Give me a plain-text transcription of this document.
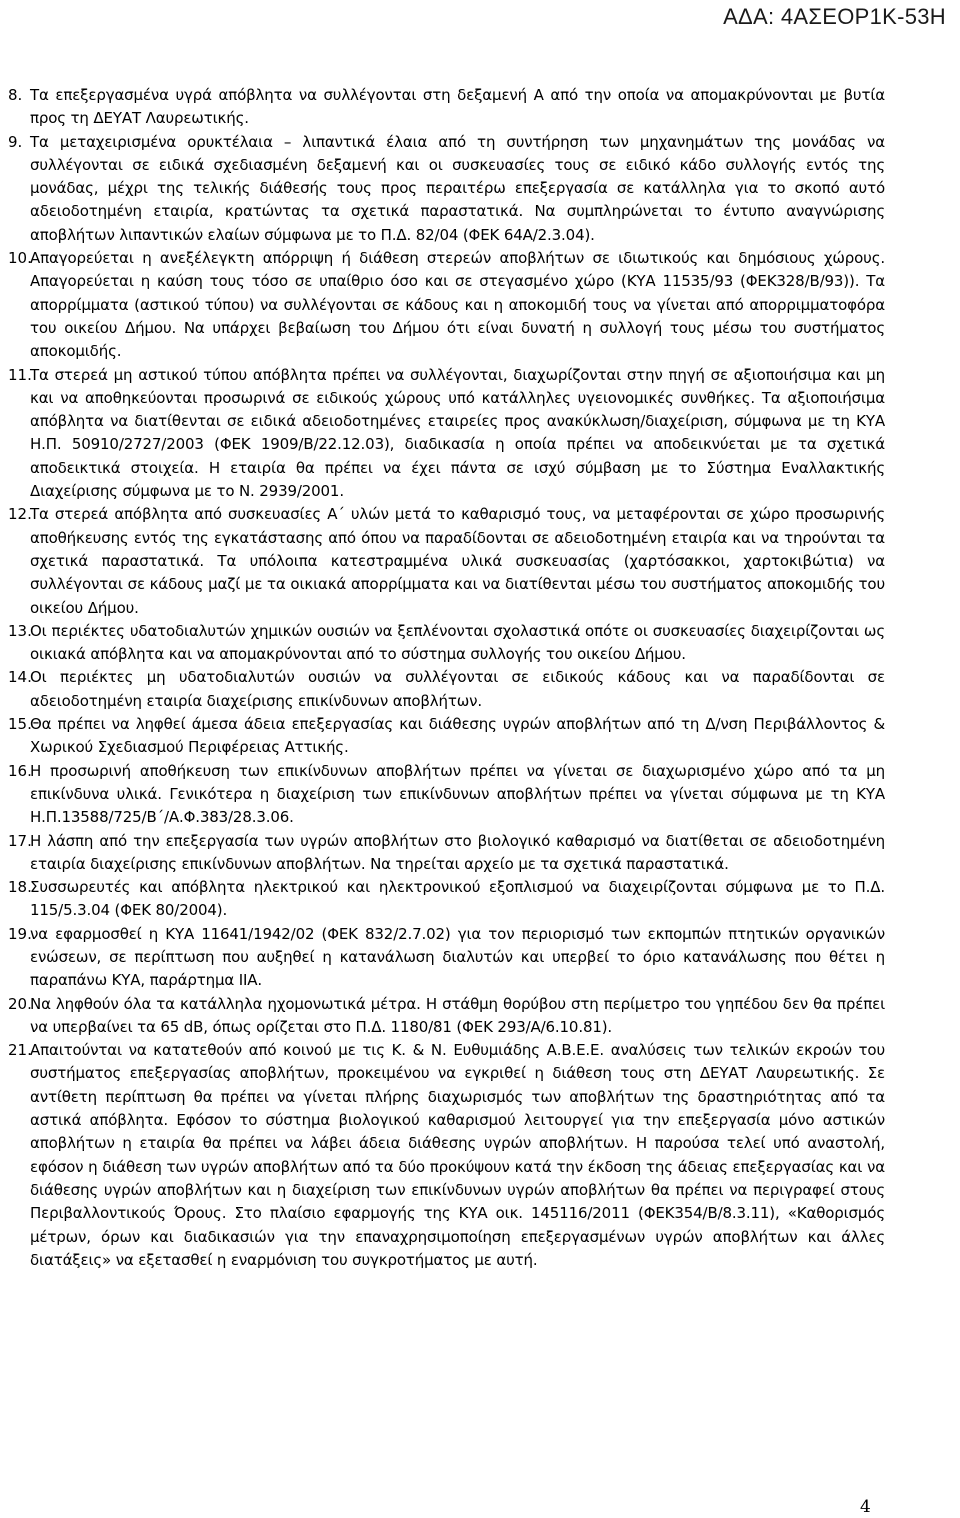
ΑΔΑ: 4ΑΣΕΟΡ1Κ-53Η
8. Τα επεξεργασμένα υγρά απόβλητα να συλλέγονται στη δεξαμενή Α από την οποία να απομακρύνονται με βυτία προς τη ΔΕΥΑΤ Λαυρεωτικής.
9. Τα μεταχειρισμένα ορυκτέλαια – λιπαντικά έλαια από τη συντήρηση των μηχανημάτων της μονάδας να συλλέγονται σε ειδικά σχεδιασμένη δεξαμενή και οι συσκευασίες τους σε ειδικό κάδο συλλογής εντός της μονάδας, μέχρι της τελικής διάθεσής τους προς περαιτέρω επεξεργασία σε κατάλληλα για το σκοπό αυτό αδειοδοτημένη εταιρία, κρατώντας τα σχετικά παραστατικά. Να συμπληρώνεται το έντυπο αναγνώρισης αποβλήτων λιπαντικών ελαίων σύμφωνα με το Π.Δ. 82/04 (ΦΕΚ 64Α/2.3.04).
10.
Απαγορεύεται η ανεξέλεγκτη απόρριψη ή διάθεση στερεών αποβλήτων σε ιδιωτικούς και δημόσιους χώρους. Απαγορεύεται η καύση τους τόσο σε υπαίθριο όσο και σε στεγασμένο χώρο (ΚΥΑ 11535/93 (ΦΕΚ328/Β/93)). Τα απορρίμματα (αστικού τύπου) να συλλέγονται σε κάδους και η αποκομιδή τους να γίνεται από απορριμματοφόρα του οικείου Δήμου. Να υπάρχει βεβαίωση του Δήμου ότι είναι δυνατή η συλλογή τους μέσω του συστήματος αποκομιδής.
11.
Τα στερεά μη αστικού τύπου απόβλητα πρέπει να συλλέγονται, διαχωρίζονται στην πηγή σε αξιοποιήσιμα και μη και να αποθηκεύονται προσωρινά σε ειδικούς χώρους υπό κατάλληλες υγειονομικές συνθήκες. Τα αξιοποιήσιμα απόβλητα να διατίθενται σε ειδικά αδειοδοτημένες εταιρείες προς ανακύκλωση/διαχείριση, σύμφωνα με τη ΚΥΑ Η.Π. 50910/2727/2003 (ΦΕΚ 1909/Β/22.12.03), διαδικασία η οποία πρέπει να αποδεικνύεται με τα σχετικά αποδεικτικά στοιχεία. Η εταιρία θα πρέπει να έχει πάντα σε ισχύ σύμβαση με το Σύστημα Εναλλακτικής Διαχείρισης σύμφωνα με το Ν. 2939/2001.
12.
Τα στερεά απόβλητα από συσκευασίες Α΄ υλών μετά το καθαρισμό τους, να μεταφέρονται σε χώρο προσωρινής αποθήκευσης εντός της εγκατάστασης από όπου να παραδίδονται σε αδειοδοτημένη εταιρία και να τηρούνται τα σχετικά παραστατικά. Τα υπόλοιπα κατεστραμμένα υλικά συσκευασίας (χαρτόσακκοι, χαρτοκιβώτια) να συλλέγονται σε κάδους μαζί με τα οικιακά απορρίμματα και να διατίθενται μέσω του συστήματος αποκομιδής του οικείου Δήμου.
13.
Οι περιέκτες υδατοδιαλυτών χημικών ουσιών να ξεπλένονται σχολαστικά οπότε οι συσκευασίες διαχειρίζονται ως οικιακά απόβλητα και να απομακρύνονται από το σύστημα συλλογής του οικείου Δήμου.
14.
Οι περιέκτες μη υδατοδιαλυτών ουσιών να συλλέγονται σε ειδικούς κάδους και να παραδίδονται σε αδειοδοτημένη εταιρία διαχείρισης επικίνδυνων αποβλήτων.
15.
Θα πρέπει να ληφθεί άμεσα άδεια επεξεργασίας και διάθεσης υγρών αποβλήτων από τη Δ/νση Περιβάλλοντος & Χωρικού Σχεδιασμού Περιφέρειας Αττικής.
16.
Η προσωρινή αποθήκευση των επικίνδυνων αποβλήτων πρέπει να γίνεται σε διαχωρισμένο χώρο από τα μη επικίνδυνα υλικά. Γενικότερα η διαχείριση των επικίνδυνων αποβλήτων πρέπει να γίνεται σύμφωνα με τη ΚΥΑ Η.Π.13588/725/Β΄/Α.Φ.383/28.3.06.
17.
Η λάσπη από την επεξεργασία των υγρών αποβλήτων στο βιολογικό καθαρισμό να διατίθεται σε αδειοδοτημένη εταιρία διαχείρισης επικίνδυνων αποβλήτων. Να τηρείται αρχείο με τα σχετικά παραστατικά.
18.
Συσσωρευτές και απόβλητα ηλεκτρικού και ηλεκτρονικού εξοπλισμού να διαχειρίζονται σύμφωνα με το Π.Δ. 115/5.3.04 (ΦΕΚ 80/2004).
19.
να εφαρμοσθεί η ΚΥΑ 11641/1942/02 (ΦΕΚ 832/2.7.02) για τον περιορισμό των εκπομπών πτητικών οργανικών ενώσεων, σε περίπτωση που αυξηθεί η κατανάλωση διαλυτών και υπερβεί το όριο κατανάλωσης που θέτει η παραπάνω ΚΥΑ, παράρτημα ΙΙΑ.
20.
Να ληφθούν όλα τα κατάλληλα ηχομονωτικά μέτρα. Η στάθμη θορύβου στη περίμετρο του γηπέδου δεν θα πρέπει να υπερβαίνει τα 65 dB, όπως ορίζεται στο Π.Δ. 1180/81 (ΦΕΚ 293/Α/6.10.81).
21.
Απαιτούνται να κατατεθούν από κοινού με τις Κ. & Ν. Ευθυμιάδης Α.Β.Ε.Ε. αναλύσεις των τελικών εκροών του συστήματος επεξεργασίας αποβλήτων, προκειμένου να εγκριθεί η διάθεση τους στη ΔΕΥΑΤ Λαυρεωτικής. Σε αντίθετη περίπτωση θα πρέπει να γίνεται πλήρης διαχωρισμός των αποβλήτων της δραστηριότητας από τα αστικά απόβλητα. Εφόσον το σύστημα βιολογικού καθαρισμού λειτουργεί για την επεξεργασία μόνο αστικών αποβλήτων η εταιρία θα πρέπει να λάβει άδεια διάθεσης υγρών αποβλήτων. Η παρούσα τελεί υπό αναστολή, εφόσον η διάθεση των υγρών αποβλήτων από τα δύο προκύψουν κατά την έκδοση της άδειας επεξεργασίας και να διάθεσης υγρών αποβλήτων και η διαχείριση των επικίνδυνων υγρών αποβλήτων θα πρέπει να περιγραφεί στους Περιβαλλοντικούς Όρους. Στο πλαίσιο εφαρμογής της ΚΥΑ οικ. 145116/2011 (ΦΕΚ354/Β/8.3.11), «Καθορισμός μέτρων, όρων και διαδικασιών για την επαναχρησιμοποίηση επεξεργασμένων υγρών αποβλήτων και άλλες διατάξεις» να εξετασθεί η εναρμόνιση του συγκροτήματος με αυτή.
4
